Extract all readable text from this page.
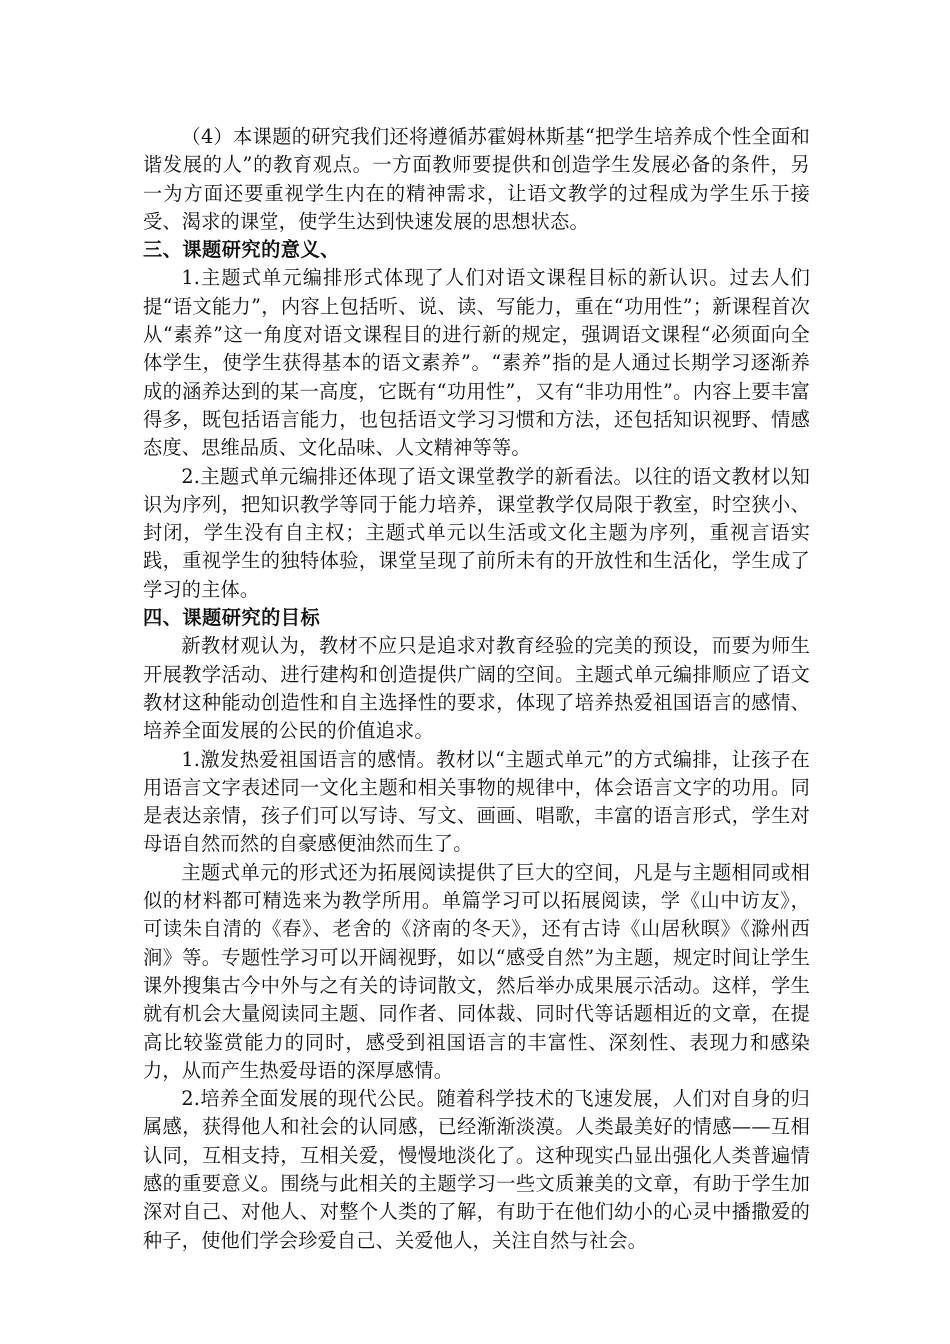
（4）本课题的研究我们还将遵循苏霍姆林斯基“把学生培养成个性全面和谐发展的人”的教育观点。一方面教师要提供和创造学生发展必备的条件，另一为方面还要重视学生内在的精神需求，让语文教学的过程成为学生乐于接受、渴求的课堂，使学生达到快速发展的思想状态。

三、课题研究的意义、

1.主题式单元编排形式体现了人们对语文课程目标的新认识。过去人们提“语文能力”，内容上包括听、说、读、写能力，重在“功用性”；新课程首次从“素养”这一角度对语文课程目的进行新的规定，强调语文课程“必须面向全体学生，使学生获得基本的语文素养”。“素养”指的是人通过长期学习逐渐养成的涵养达到的某一高度，它既有“功用性”，又有“非功用性”。内容上要丰富得多，既包括语言能力，也包括语文学习习惯和方法，还包括知识视野、情感态度、思维品质、文化品味、人文精神等等。

2.主题式单元编排还体现了语文课堂教学的新看法。以往的语文教材以知识为序列，把知识教学等同于能力培养，课堂教学仅局限于教室，时空狭小、封闭，学生没有自主权；主题式单元以生活或文化主题为序列，重视言语实践，重视学生的独特体验，课堂呈现了前所未有的开放性和生活化，学生成了学习的主体。

四、课题研究的目标

新教材观认为，教材不应只是追求对教育经验的完美的预设，而要为师生开展教学活动、进行建构和创造提供广阔的空间。主题式单元编排顺应了语文教材这种能动创造性和自主选择性的要求，体现了培养热爱祖国语言的感情、培养全面发展的公民的价值追求。

1.激发热爱祖国语言的感情。教材以“主题式单元”的方式编排，让孩子在用语言文字表述同一文化主题和相关事物的规律中，体会语言文字的功用。同是表达亲情，孩子们可以写诗、写文、画画、唱歌，丰富的语言形式，学生对母语自然而然的自豪感便油然而生了。

主题式单元的形式还为拓展阅读提供了巨大的空间，凡是与主题相同或相似的材料都可精选来为教学所用。单篇学习可以拓展阅读，学《山中访友》，可读朱自清的《春》、老舍的《济南的冬天》，还有古诗《山居秋暝》《滁州西涧》等。专题性学习可以开阔视野，如以“感受自然”为主题，规定时间让学生课外搜集古今中外与之有关的诗词散文，然后举办成果展示活动。这样，学生就有机会大量阅读同主题、同作者、同体裁、同时代等话题相近的文章，在提高比较鉴赏能力的同时，感受到祖国语言的丰富性、深刻性、表现力和感染力，从而产生热爱母语的深厚感情。

2.培养全面发展的现代公民。随着科学技术的飞速发展，人们对自身的归属感，获得他人和社会的认同感，已经渐渐淡漠。人类最美好的情感——互相认同，互相支持，互相关爱，慢慢地淡化了。这种现实凸显出强化人类普遍情感的重要意义。围绕与此相关的主题学习一些文质兼美的文章，有助于学生加深对自己、对他人、对整个人类的了解，有助于在他们幼小的心灵中播撒爱的种子，使他们学会珍爱自己、关爱他人，关注自然与社会。
